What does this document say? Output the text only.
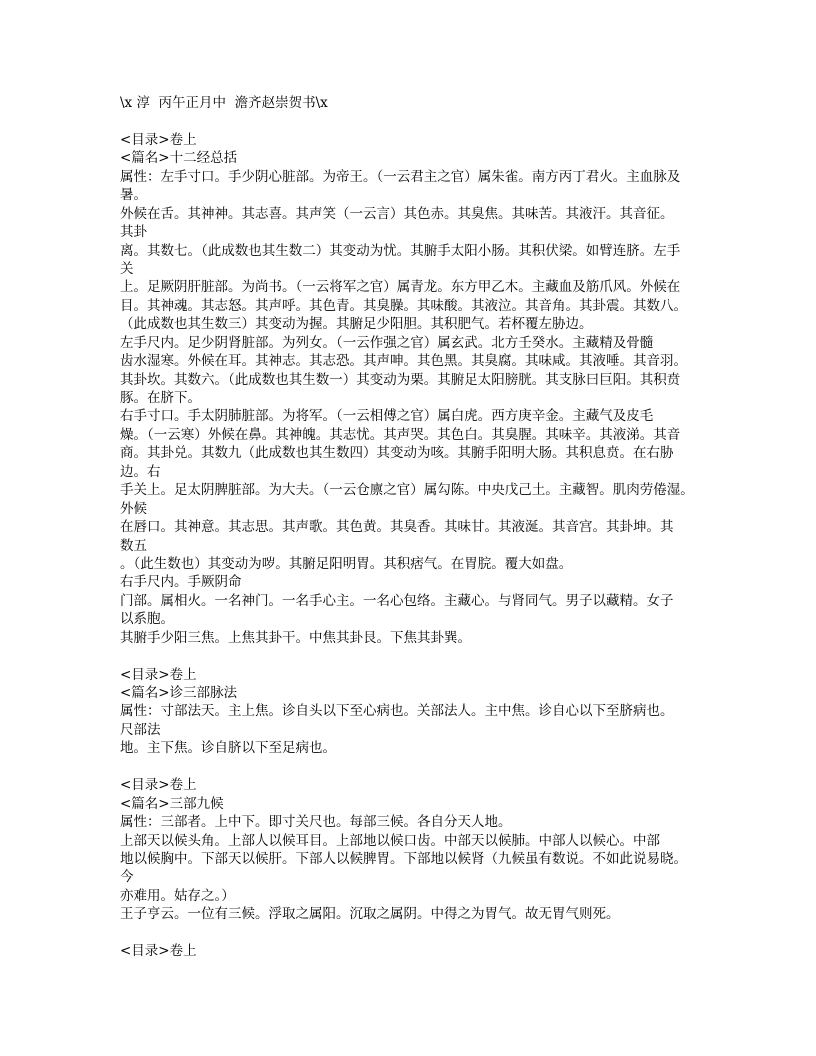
\x 淳  丙午正月中  澹齐赵崇贺书\x
<目录>卷上
<篇名>十二经总括
属性：左手寸口。手少阴心脏部。为帝王。（一云君主之官）属朱雀。南方丙丁君火。主血脉及
暑。
外候在舌。其神神。其志喜。其声笑（一云言）其色赤。其臭焦。其味苦。其液汗。其音征。
其卦
离。其数七。（此成数也其生数二）其变动为忧。其腑手太阳小肠。其积伏梁。如臂连脐。左手
关
上。足厥阴肝脏部。为尚书。（一云将军之官）属青龙。东方甲乙木。主藏血及筋爪风。外候在
目。其神魂。其志怒。其声呼。其色青。其臭臊。其味酸。其液泣。其音角。其卦震。其数八。
（此成数也其生数三）其变动为握。其腑足少阳胆。其积肥气。若杯覆左胁边。
左手尺内。足少阴肾脏部。为列女。（一云作强之官）属玄武。北方壬癸水。主藏精及骨髓
齿水湿寒。外候在耳。其神志。其志恐。其声呻。其色黑。其臭腐。其味咸。其液唾。其音羽。
其卦坎。其数六。（此成数也其生数一）其变动为栗。其腑足太阳膀胱。其支脉曰巨阳。其积贲
豚。在脐下。
右手寸口。手太阴肺脏部。为将军。（一云相傅之官）属白虎。西方庚辛金。主藏气及皮毛
燥。（一云寒）外候在鼻。其神魄。其志忧。其声哭。其色白。其臭腥。其味辛。其液涕。其音
商。其卦兑。其数九（此成数也其生数四）其变动为咳。其腑手阳明大肠。其积息贲。在右胁
边。右
手关上。足太阴脾脏部。为大夫。（一云仓廪之官）属勾陈。中央戊己土。主藏智。肌肉劳倦湿。
外候
在唇口。其神意。其志思。其声歌。其色黄。其臭香。其味甘。其液涎。其音宫。其卦坤。其
数五
。（此生数也）其变动为哕。其腑足阳明胃。其积痞气。在胃脘。覆大如盘。
右手尺内。手厥阴命
门部。属相火。一名神门。一名手心主。一名心包络。主藏心。与肾同气。男子以藏精。女子
以系胞。
其腑手少阳三焦。上焦其卦干。中焦其卦艮。下焦其卦巽。
<目录>卷上
<篇名>诊三部脉法
属性：寸部法天。主上焦。诊自头以下至心病也。关部法人。主中焦。诊自心以下至脐病也。
尺部法
地。主下焦。诊自脐以下至足病也。
<目录>卷上
<篇名>三部九候
属性：三部者。上中下。即寸关尺也。每部三候。各自分天人地。
上部天以候头角。上部人以候耳目。上部地以候口齿。中部天以候肺。中部人以候心。中部
地以候胸中。下部天以候肝。下部人以候脾胃。下部地以候肾（九候虽有数说。不如此说易晓。
今
亦难用。姑存之。）
王子亨云。一位有三候。浮取之属阳。沉取之属阴。中得之为胃气。故无胃气则死。
<目录>卷上
